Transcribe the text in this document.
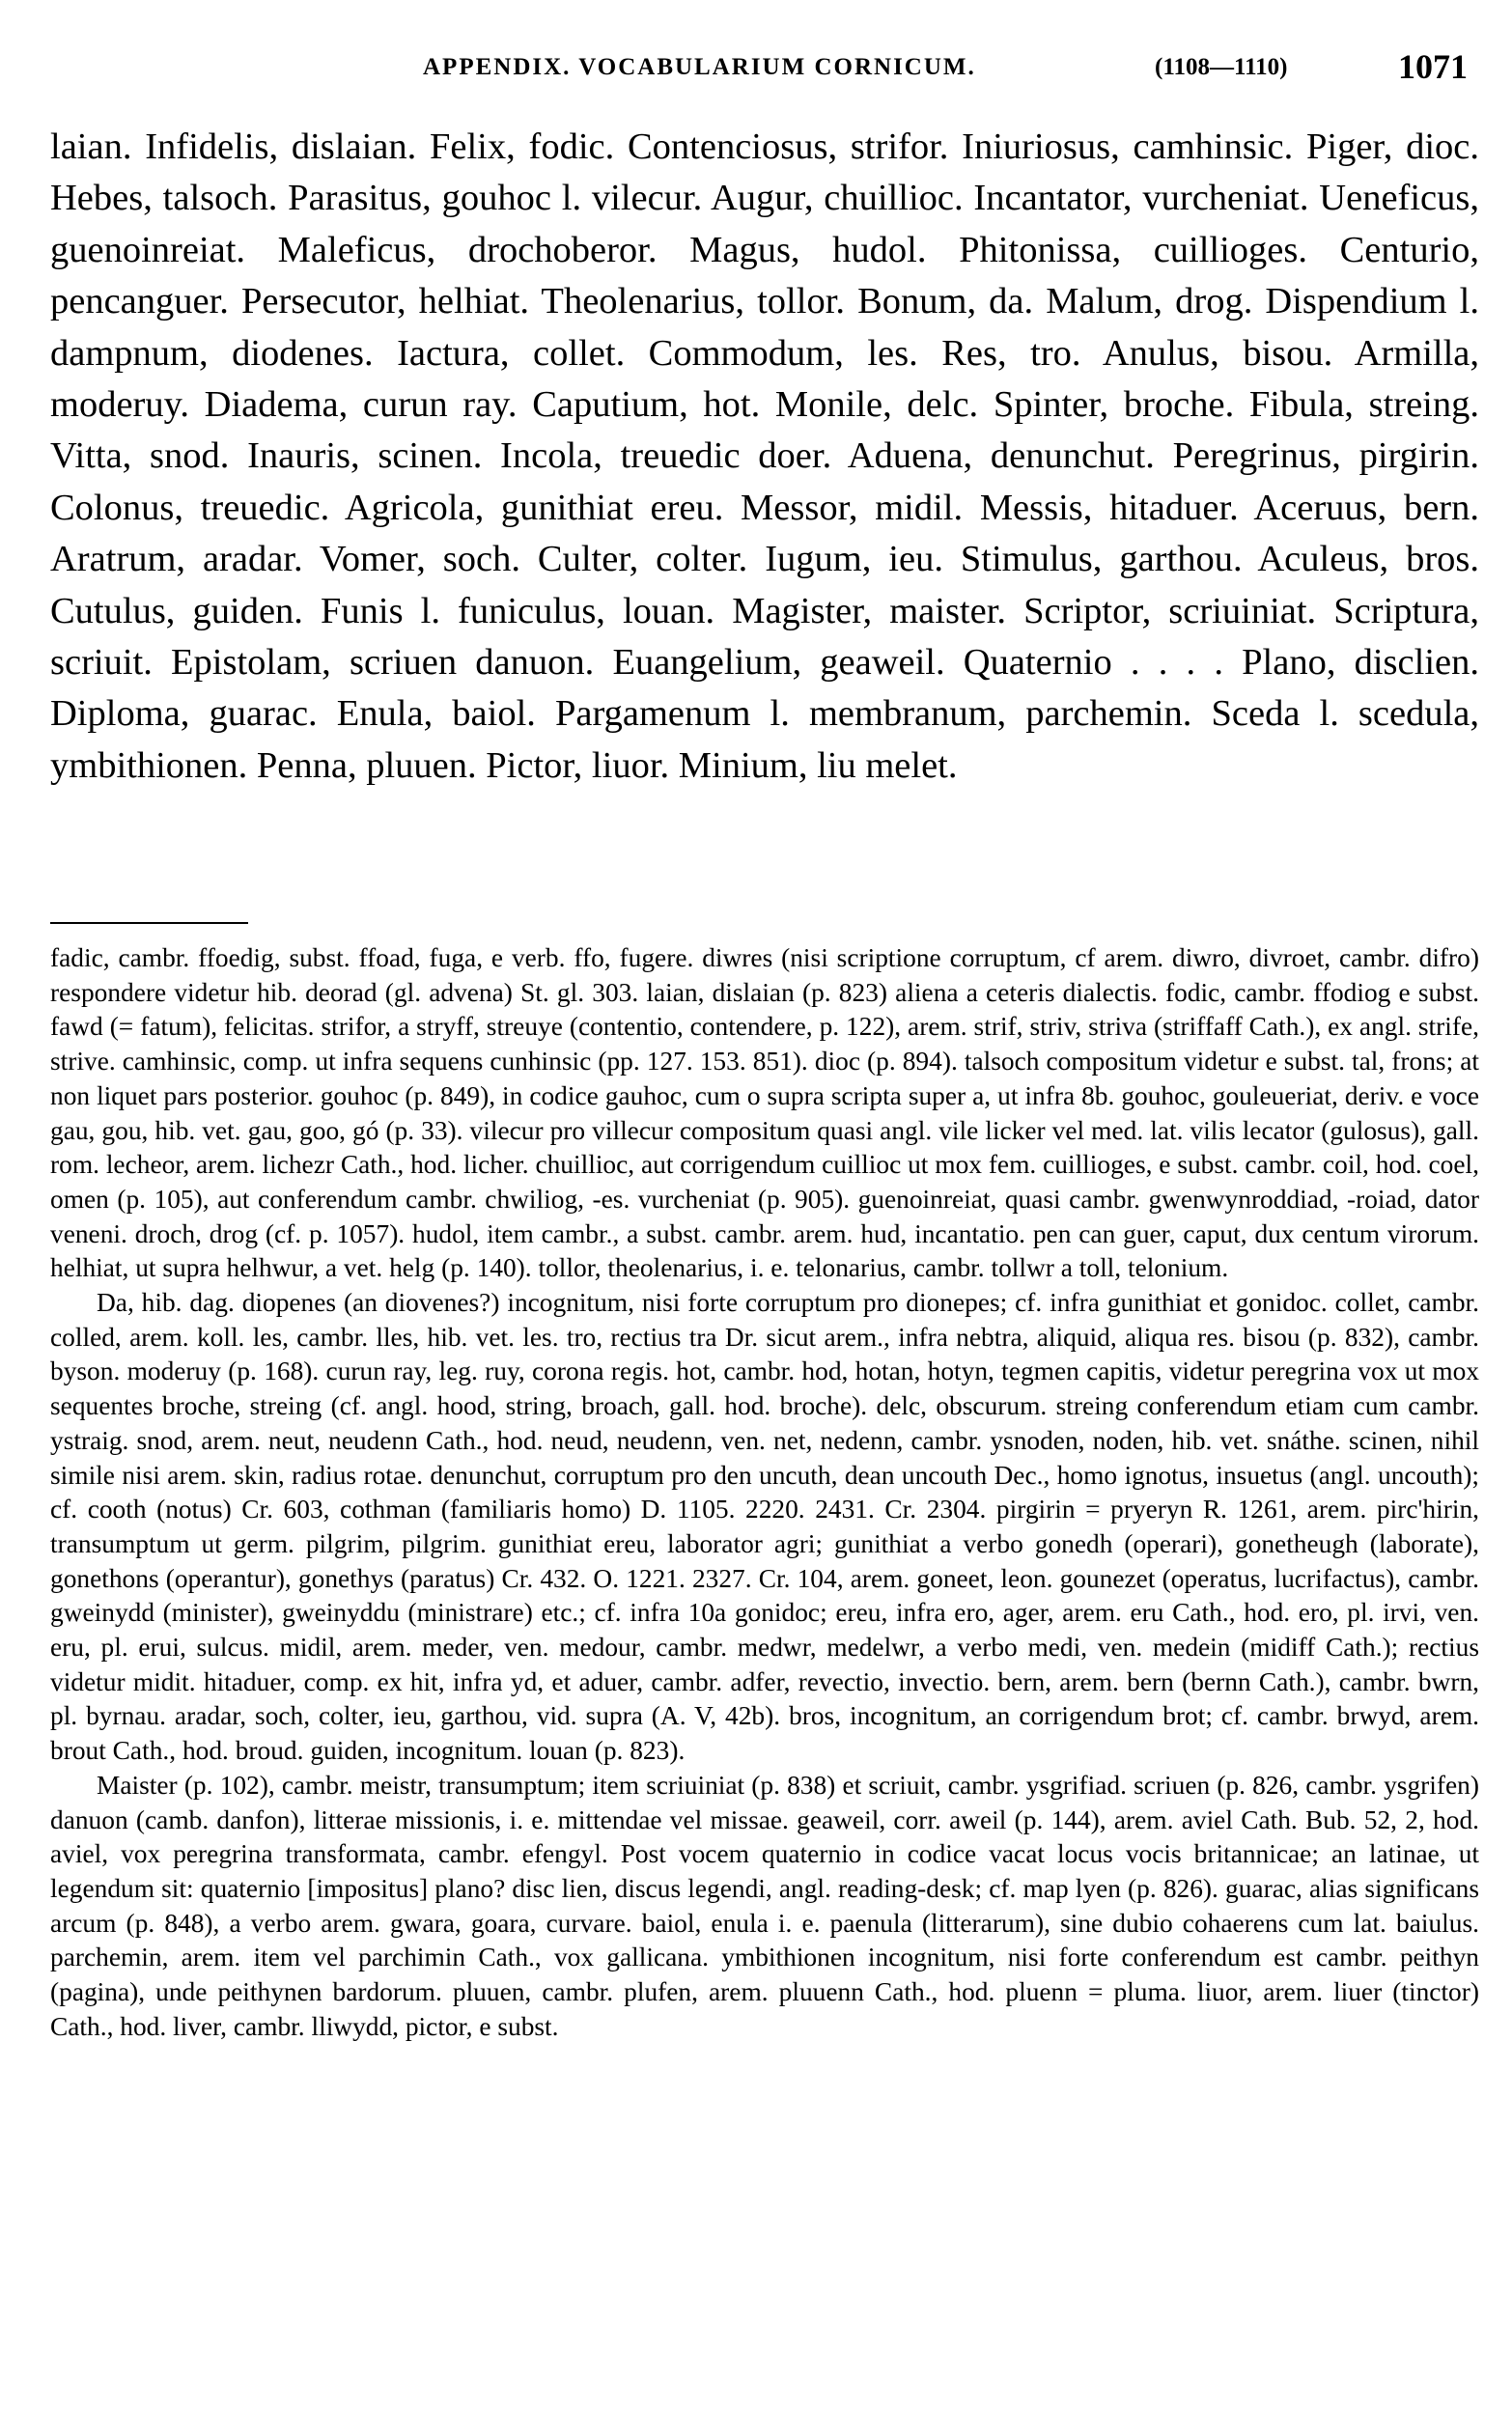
APPENDIX. VOCABULARIUM CORNICUM.	(1108—1110)	1071

laian. Infidelis, dislaian. Felix, fodic. Contenciosus, strifor. Iniuriosus, camhinsic. Piger, dioc. Hebes, talsoch. Parasitus, gouhoc l. vilecur. Augur, chuillioc. Incantator, vurcheniat. Ueneficus, guenoinreiat. Maleficus, drochoberor. Magus, hudol. Phitonissa, cuillioges. Centurio, pencanguer. Persecutor, helhiat. Theolenarius, tollor. Bonum, da. Malum, drog. Dispendium l. dampnum, diodenes. Iactura, collet. Commodum, les. Res, tro. Anulus, bisou. Armilla, moderuy. Diadema, curun ray. Caputium, hot. Monile, delc. Spinter, broche. Fibula, streing. Vitta, snod. Inauris, scinen. Incola, treuedic doer. Aduena, denunchut. Peregrinus, pirgirin. Colonus, treuedic. Agricola, gunithiat ereu. Messor, midil. Messis, hitaduer. Aceruus, bern. Aratrum, aradar. Vomer, soch. Culter, colter. Iugum, ieu. Stimulus, garthou. Aculeus, bros. Cutulus, guiden. Funis l. funiculus, louan. Magister, maister. Scriptor, scriuiniat. Scriptura, scriuit. Epistolam, scriuen danuon. Euangelium, geaweil. Quaternio . . . . Plano, disclien. Diploma, guarac. Enula, baiol. Pargamenum l. membranum, parchemin. Sceda l. scedula, ymbithionen. Penna, pluuen. Pictor, liuor. Minium, liu melet.

fadic, cambr. ffoedig, subst. ffoad, fuga, e verb. ffo, fugere. diwres (nisi scriptione corruptum, cf arem. diwro, divroet, cambr. difro) respondere videtur hib. deorad (gl. advena) St. gl. 303. laian, dislaian (p. 823) aliena a ceteris dialectis. fodic, cambr. ffodiog e subst. fawd (= fatum), felicitas. strifor, a stryff, streuye (contentio, contendere, p. 122), arem. strif, striv, striva (striffaff Cath.), ex angl. strife, strive. camhinsic, comp. ut infra sequens cunhinsic (pp. 127. 153. 851). dioc (p. 894). talsoch compositum videtur e subst. tal, frons; at non liquet pars posterior. gouhoc (p. 849), in codice gauhoc, cum o supra scripta super a, ut infra 8b. gouhoc, gouleueriat, deriv. e voce gau, gou, hib. vet. gau, goo, gó (p. 33). vilecur pro villecur compositum quasi angl. vile licker vel med. lat. vilis lecator (gulosus), gall. rom. lecheor, arem. lichezr Cath., hod. licher. chuillioc, aut corrigendum cuillioc ut mox fem. cuillioges, e subst. cambr. coil, hod. coel, omen (p. 105), aut conferendum cambr. chwiliog, -es. vurcheniat (p. 905). guenoinreiat, quasi cambr. gwenwynroddiad, -roiad, dator veneni. droch, drog (cf. p. 1057). hudol, item cambr., a subst. cambr. arem. hud, incantatio. pen can guer, caput, dux centum virorum. helhiat, ut supra helhwur, a vet. helg (p. 140). tollor, theolenarius, i. e. telonarius, cambr. tollwr a toll, telonium.

Da, hib. dag. diopenes (an diovenes?) incognitum, nisi forte corruptum pro dionepes; cf. infra gunithiat et gonidoc. collet, cambr. colled, arem. koll. les, cambr. lles, hib. vet. les. tro, rectius tra Dr. sicut arem., infra nebtra, aliquid, aliqua res. bisou (p. 832), cambr. byson. moderuy (p. 168). curun ray, leg. ruy, corona regis. hot, cambr. hod, hotan, hotyn, tegmen capitis, videtur peregrina vox ut mox sequentes broche, streing (cf. angl. hood, string, broach, gall. hod. broche). delc, obscurum. streing conferendum etiam cum cambr. ystraig. snod, arem. neut, neudenn Cath., hod. neud, neudenn, ven. net, nedenn, cambr. ysnoden, noden, hib. vet. snáthe. scinen, nihil simile nisi arem. skin, radius rotae. denunchut, corruptum pro den uncuth, dean uncouth Dec., homo ignotus, insuetus (angl. uncouth); cf. cooth (notus) Cr. 603, cothman (familiaris homo) D. 1105. 2220. 2431. Cr. 2304. pirgirin = pryeryn R. 1261, arem. pirc'hirin, transumptum ut germ. pilgrim, pilgrim. gunithiat ereu, laborator agri; gunithiat a verbo gonedh (operari), gonetheugh (laborate), gonethons (operantur), gonethys (paratus) Cr. 432. O. 1221. 2327. Cr. 104, arem. goneet, leon. gounezet (operatus, lucrifactus), cambr. gweinydd (minister), gweinyddu (ministrare) etc.; cf. infra 10a gonidoc; ereu, infra ero, ager, arem. eru Cath., hod. ero, pl. irvi, ven. eru, pl. erui, sulcus. midil, arem. meder, ven. medour, cambr. medwr, medelwr, a verbo medi, ven. medein (midiff Cath.); rectius videtur midit. hitaduer, comp. ex hit, infra yd, et aduer, cambr. adfer, revectio, invectio. bern, arem. bern (bernn Cath.), cambr. bwrn, pl. byrnau. aradar, soch, colter, ieu, garthou, vid. supra (A. V, 42b). bros, incognitum, an corrigendum brot; cf. cambr. brwyd, arem. brout Cath., hod. broud. guiden, incognitum. louan (p. 823).

Maister (p. 102), cambr. meistr, transumptum; item scriuiniat (p. 838) et scriuit, cambr. ysgrifiad. scriuen (p. 826, cambr. ysgrifen) danuon (camb. danfon), litterae missionis, i. e. mittendae vel missae. geaweil, corr. aweil (p. 144), arem. aviel Cath. Bub. 52, 2, hod. aviel, vox peregrina transformata, cambr. efengyl. Post vocem quaternio in codice vacat locus vocis britannicae; an latinae, ut legendum sit: quaternio [impositus] plano? disc lien, discus legendi, angl. reading-desk; cf. map lyen (p. 826). guarac, alias significans arcum (p. 848), a verbo arem. gwara, goara, curvare. baiol, enula i. e. paenula (litterarum), sine dubio cohaerens cum lat. baiulus. parchemin, arem. item vel parchimin Cath., vox gallicana. ymbithionen incognitum, nisi forte conferendum est cambr. peithyn (pagina), unde peithynen bardorum. pluuen, cambr. plufen, arem. pluuenn Cath., hod. pluenn = pluma. liuor, arem. liuer (tinctor) Cath., hod. liver, cambr. lliwydd, pictor, e subst.
